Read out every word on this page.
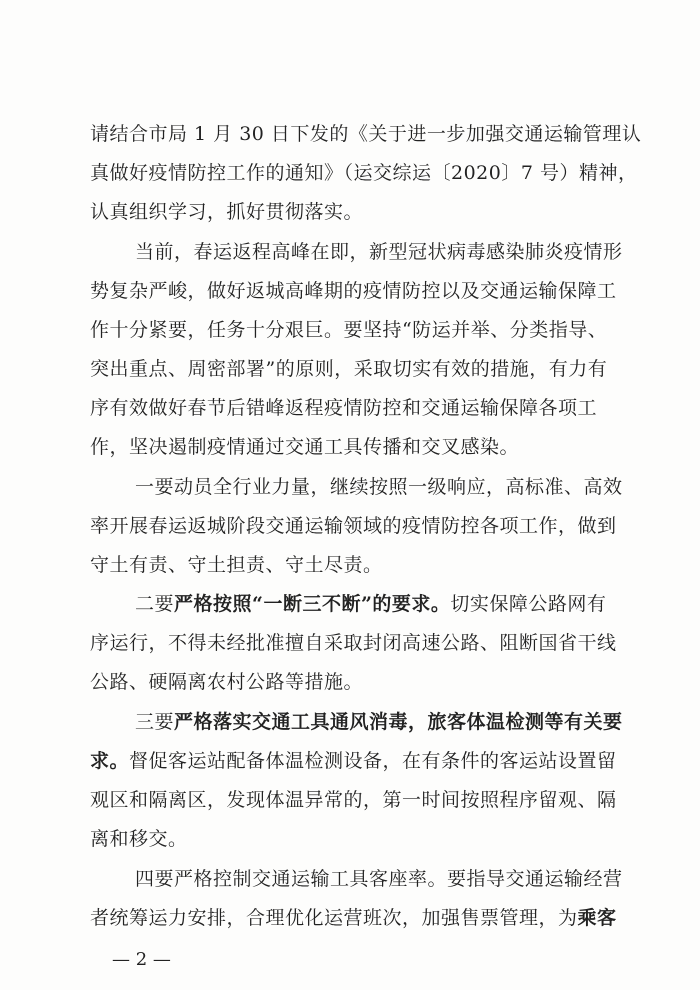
请结合市局 1 月 30 日下发的《关于进一步加强交通运输管理认
真做好疫情防控工作的通知》（运交综运〔2020〕7 号）精神，
认真组织学习，抓好贯彻落实。
当前，春运返程高峰在即，新型冠状病毒感染肺炎疫情形
势复杂严峻，做好返城高峰期的疫情防控以及交通运输保障工
作十分紧要，任务十分艰巨。要坚持“防运并举、分类指导、
突出重点、周密部署”的原则，采取切实有效的措施，有力有
序有效做好春节后错峰返程疫情防控和交通运输保障各项工
作，坚决遏制疫情通过交通工具传播和交叉感染。
一要动员全行业力量，继续按照一级响应，高标准、高效
率开展春运返城阶段交通运输领域的疫情防控各项工作，做到
守土有责、守土担责、守土尽责。
二要严格按照“一断三不断”的要求。切实保障公路网有
序运行，不得未经批准擅自采取封闭高速公路、阻断国省干线
公路、硬隔离农村公路等措施。
三要严格落实交通工具通风消毒，旅客体温检测等有关要
求。督促客运站配备体温检测设备，在有条件的客运站设置留
观区和隔离区，发现体温异常的，第一时间按照程序留观、隔
离和移交。
四要严格控制交通运输工具客座率。要指导交通运输经营
者统筹运力安排，合理优化运营班次，加强售票管理，为乘客
— 2 —
